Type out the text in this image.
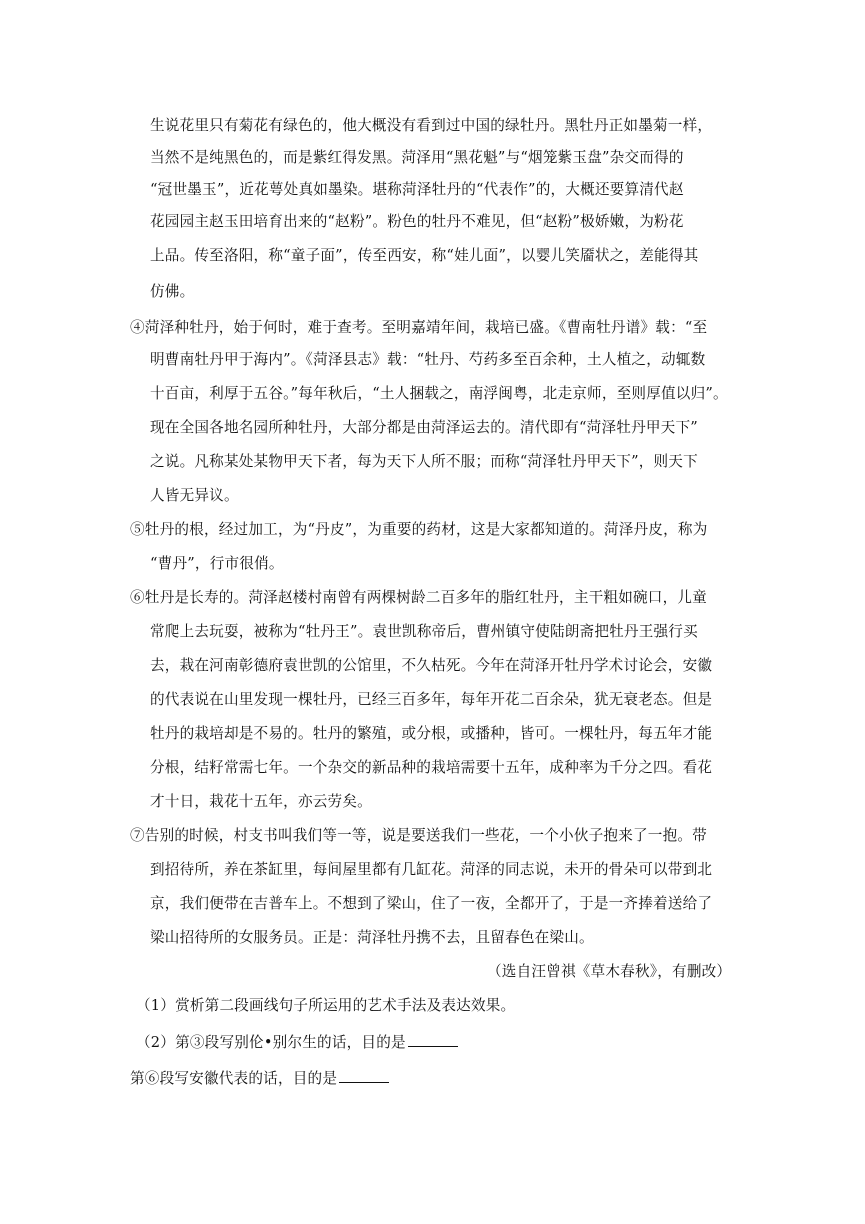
生说花里只有菊花有绿色的，他大概没有看到过中国的绿牡丹。黑牡丹正如墨菊一样，
当然不是纯黑色的，而是紫红得发黑。菏泽用“黑花魁”与“烟笼紫玉盘”杂交而得的
“冠世墨玉”，近花萼处真如墨染。堪称菏泽牡丹的“代表作”的，大概还要算清代赵
花园园主赵玉田培育出来的“赵粉”。粉色的牡丹不难见，但“赵粉”极娇嫩，为粉花
上品。传至洛阳，称“童子面”，传至西安，称“娃儿面”，以婴儿笑靥状之，差能得其
仿佛。
④菏泽种牡丹，始于何时，难于查考。至明嘉靖年间，栽培已盛。《曹南牡丹谱》载：“至
明曹南牡丹甲于海内”。《菏泽县志》载：“牡丹、芍药多至百余种，土人植之，动辄数
十百亩，利厚于五谷。”每年秋后，“土人捆载之，南浮闽粤，北走京师，至则厚值以归”。
现在全国各地名园所种牡丹，大部分都是由菏泽运去的。清代即有“菏泽牡丹甲天下”
之说。凡称某处某物甲天下者，每为天下人所不服；而称“菏泽牡丹甲天下”，则天下
人皆无异议。
⑤牡丹的根，经过加工，为“丹皮”，为重要的药材，这是大家都知道的。菏泽丹皮，称为
“曹丹”，行市很俏。
⑥牡丹是长寿的。菏泽赵楼村南曾有两棵树龄二百多年的脂红牡丹，主干粗如碗口，儿童
常爬上去玩耍，被称为“牡丹王”。袁世凯称帝后，曹州镇守使陆朗斋把牡丹王强行买
去，栽在河南彰德府袁世凯的公馆里，不久枯死。今年在菏泽开牡丹学术讨论会，安徽
的代表说在山里发现一棵牡丹，已经三百多年，每年开花二百余朵，犹无衰老态。但是
牡丹的栽培却是不易的。牡丹的繁殖，或分根，或播种，皆可。一棵牡丹，每五年才能
分根，结籽常需七年。一个杂交的新品种的栽培需要十五年，成种率为千分之四。看花
才十日，栽花十五年，亦云劳矣。
⑦告别的时候，村支书叫我们等一等，说是要送我们一些花，一个小伙子抱来了一抱。带
到招待所，养在茶缸里，每间屋里都有几缸花。菏泽的同志说，未开的骨朵可以带到北
京，我们便带在吉普车上。不想到了梁山，住了一夜，全都开了，于是一齐捧着送给了
梁山招待所的女服务员。正是：菏泽牡丹携不去，且留春色在梁山。
（选自汪曾祺《草木春秋》，有删改）
（1）赏析第二段画线句子所运用的艺术手法及表达效果。
（2）第③段写别伦•别尔生的话，目的是
第⑥段写安徽代表的话，目的是
